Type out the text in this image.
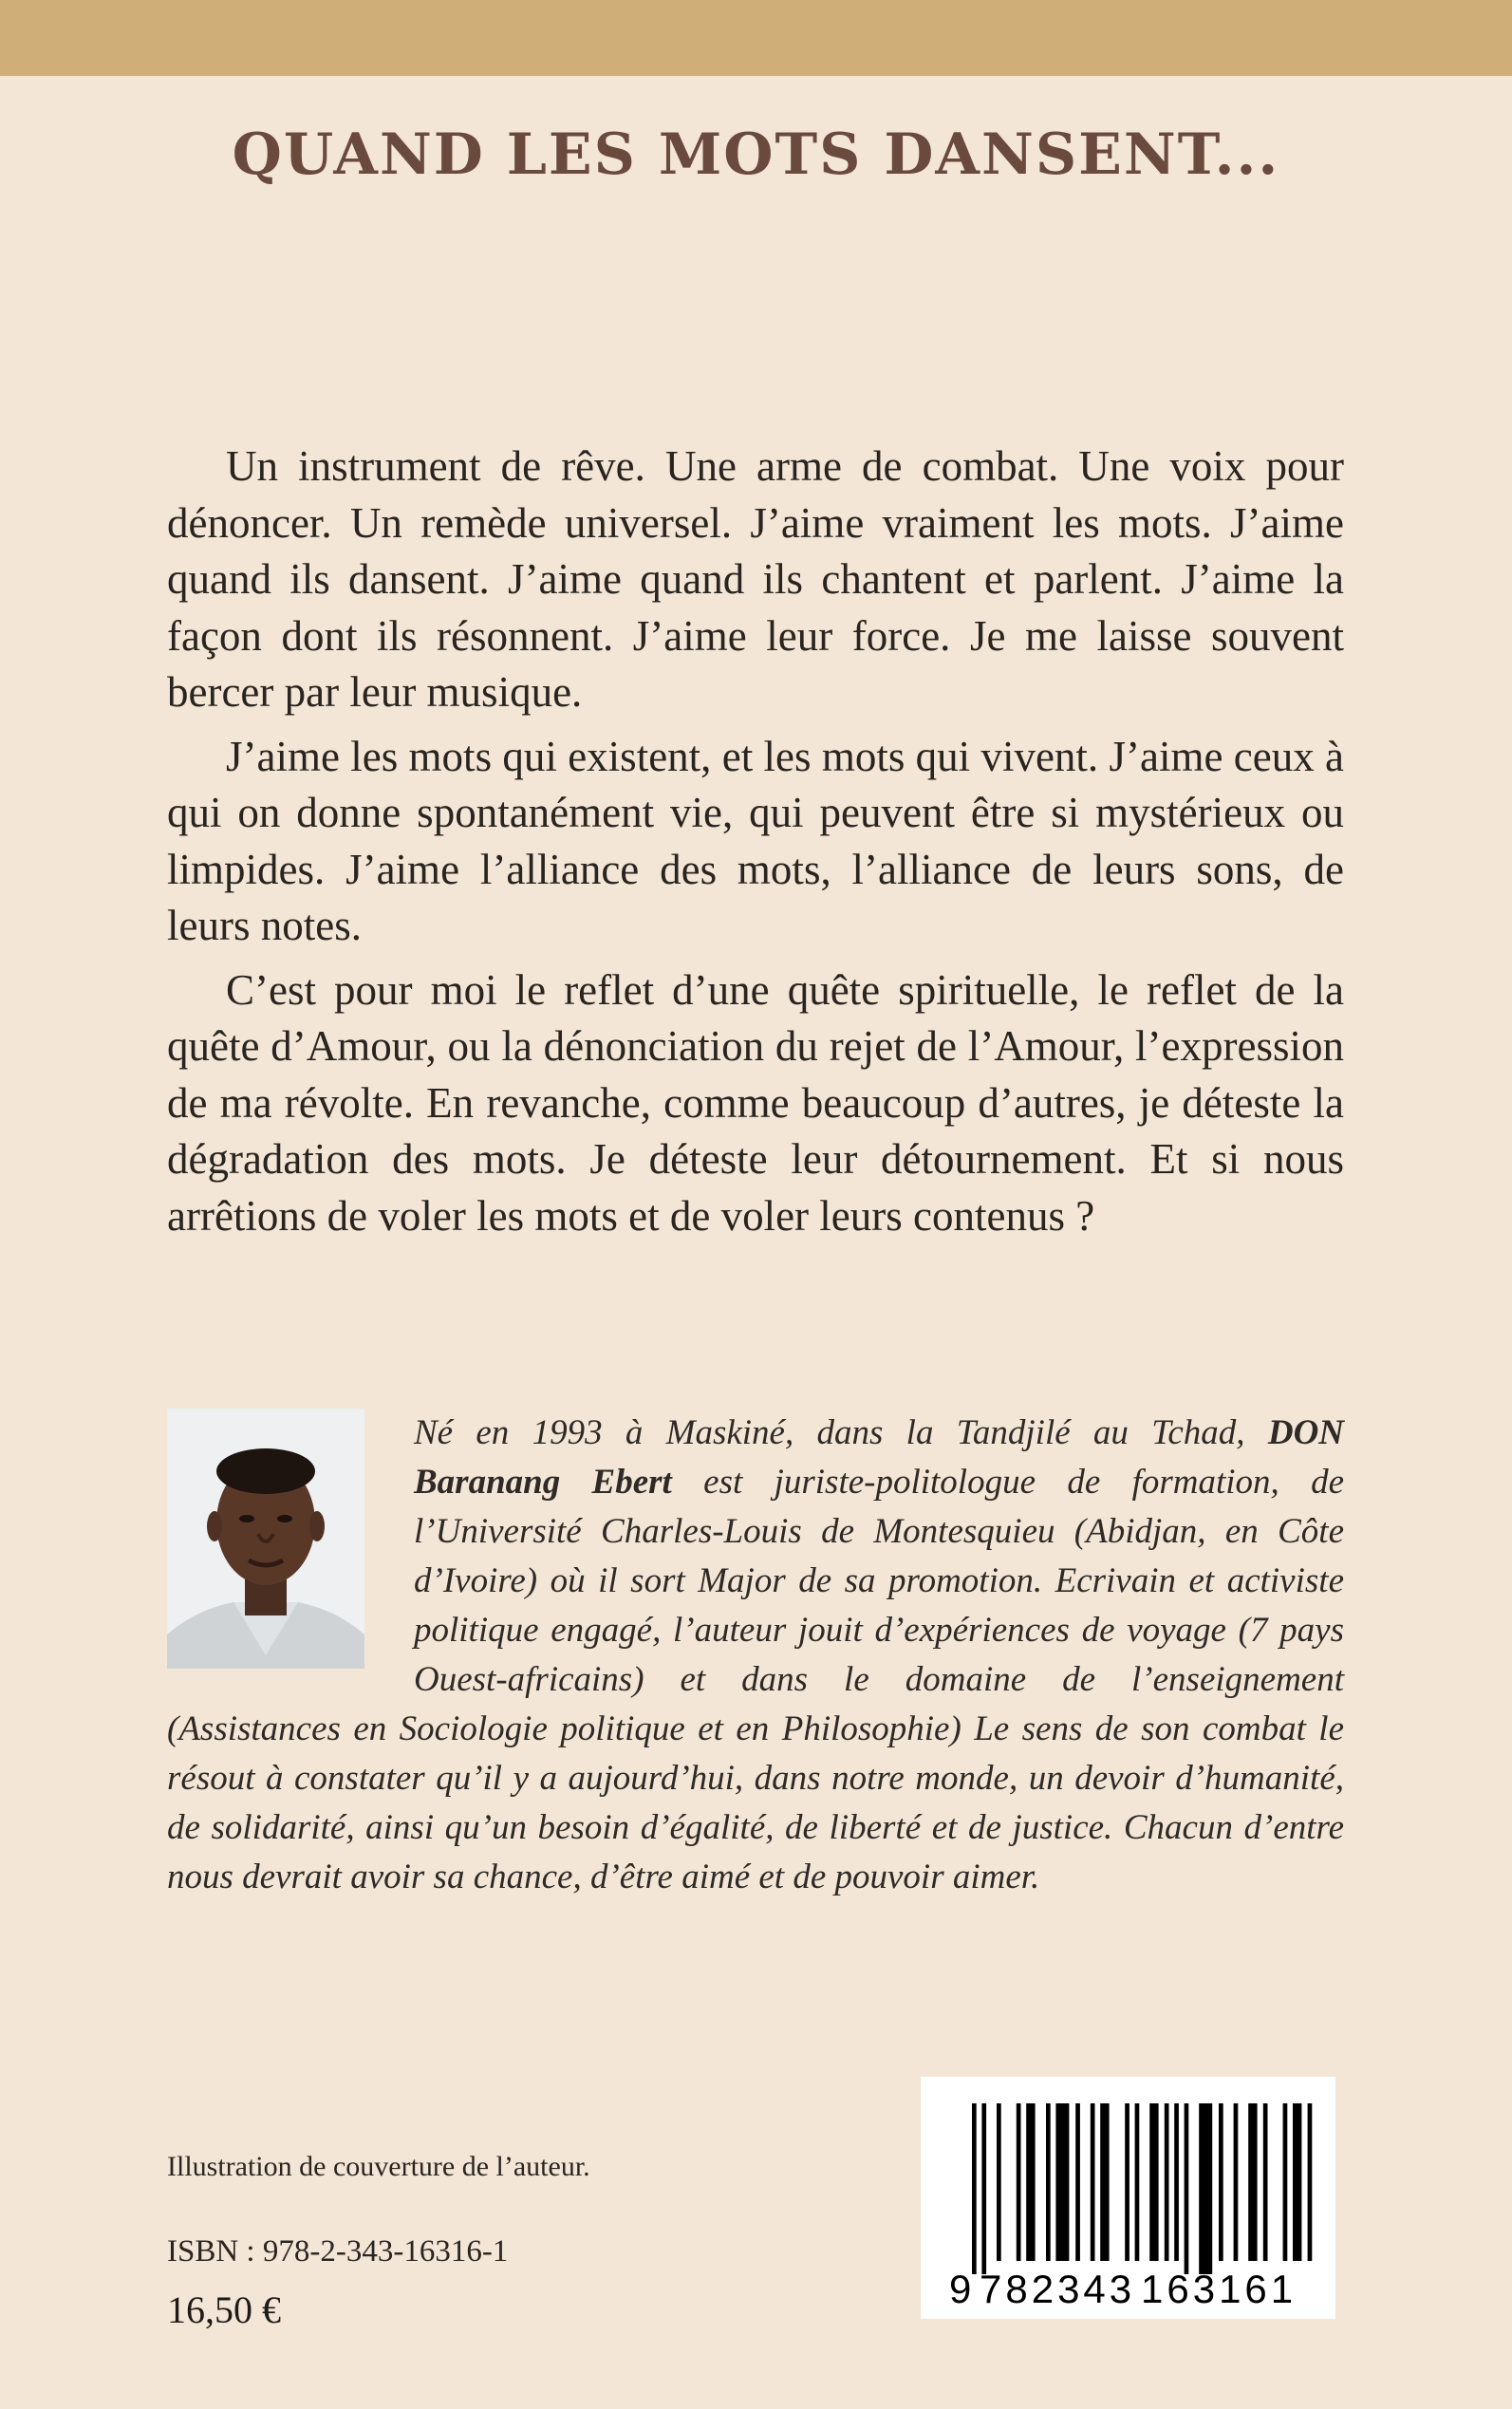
QUAND LES MOTS DANSENT...

Un instrument de rêve. Une arme de combat. Une voix pour dénoncer. Un remède universel. J’aime vraiment les mots. J’aime quand ils dansent. J’aime quand ils chantent et parlent. J’aime la façon dont ils résonnent. J’aime leur force. Je me laisse souvent bercer par leur musique.

J’aime les mots qui existent, et les mots qui vivent. J’aime ceux à qui on donne spontanément vie, qui peuvent être si mystérieux ou limpides. J’aime l’alliance des mots, l’alliance de leurs sons, de leurs notes.

C’est pour moi le reflet d’une quête spirituelle, le reflet de la quête d’Amour, ou la dénonciation du rejet de l’Amour, l’expression de ma révolte. En revanche, comme beaucoup d’autres, je déteste la dégradation des mots. Je déteste leur détournement. Et si nous arrêtions de voler les mots et de voler leurs contenus ?

Né en 1993 à Maskiné, dans la Tandjilé au Tchad, DON Baranang Ebert est juriste-politologue de formation, de l’Université Charles-Louis de Montesquieu (Abidjan, en Côte d’Ivoire) où il sort Major de sa promotion. Ecrivain et activiste politique engagé, l’auteur jouit d’expériences de voyage (7 pays Ouest-africains) et dans le domaine de l’enseignement (Assistances en Sociologie politique et en Philosophie) Le sens de son combat le résout à constater qu’il y a aujourd’hui, dans notre monde, un devoir d’humanité, de solidarité, ainsi qu’un besoin d’égalité, de liberté et de justice. Chacun d’entre nous devrait avoir sa chance, d’être aimé et de pouvoir aimer.
Illustration de couverture de l’auteur.
ISBN : 978-2-343-16316-1
16,50 €	9 782343 163161
